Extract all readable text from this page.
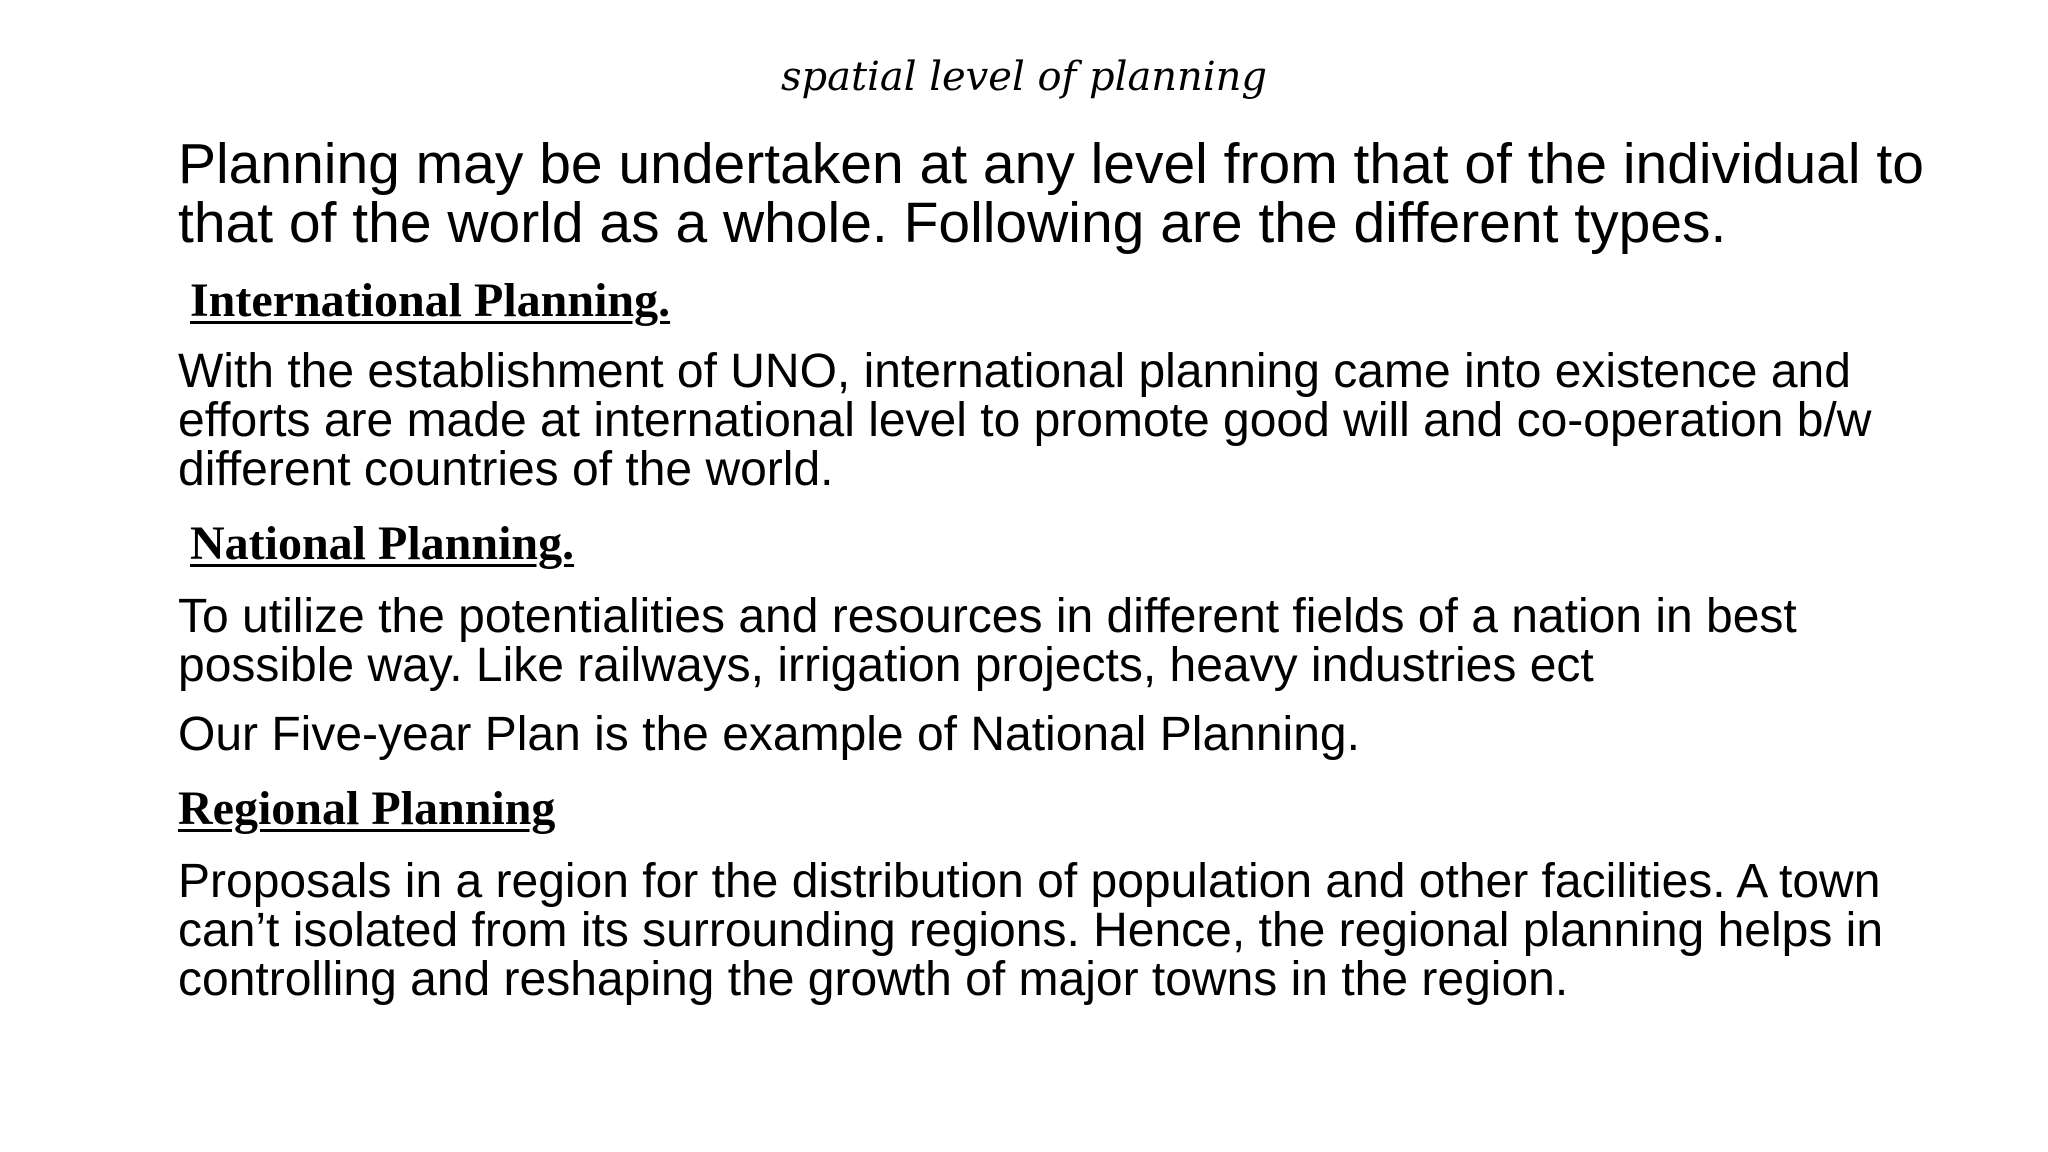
spatial level of planning

Planning may be undertaken at any level from that of the individual to that of the world as a whole. Following are the different types.

International Planning.

With the establishment of UNO, international planning came into existence and efforts are made at international level to promote good will and co-operation b/w different countries of the world.

National Planning.

To utilize the potentialities and resources in different fields of a nation in best possible way. Like railways, irrigation projects, heavy industries ect

Our Five-year Plan is the example of National Planning.

Regional Planning

Proposals in a region for the distribution of population and other facilities. A town can’t isolated from its surrounding regions. Hence, the regional planning helps in controlling and reshaping the growth of major towns in the region.
